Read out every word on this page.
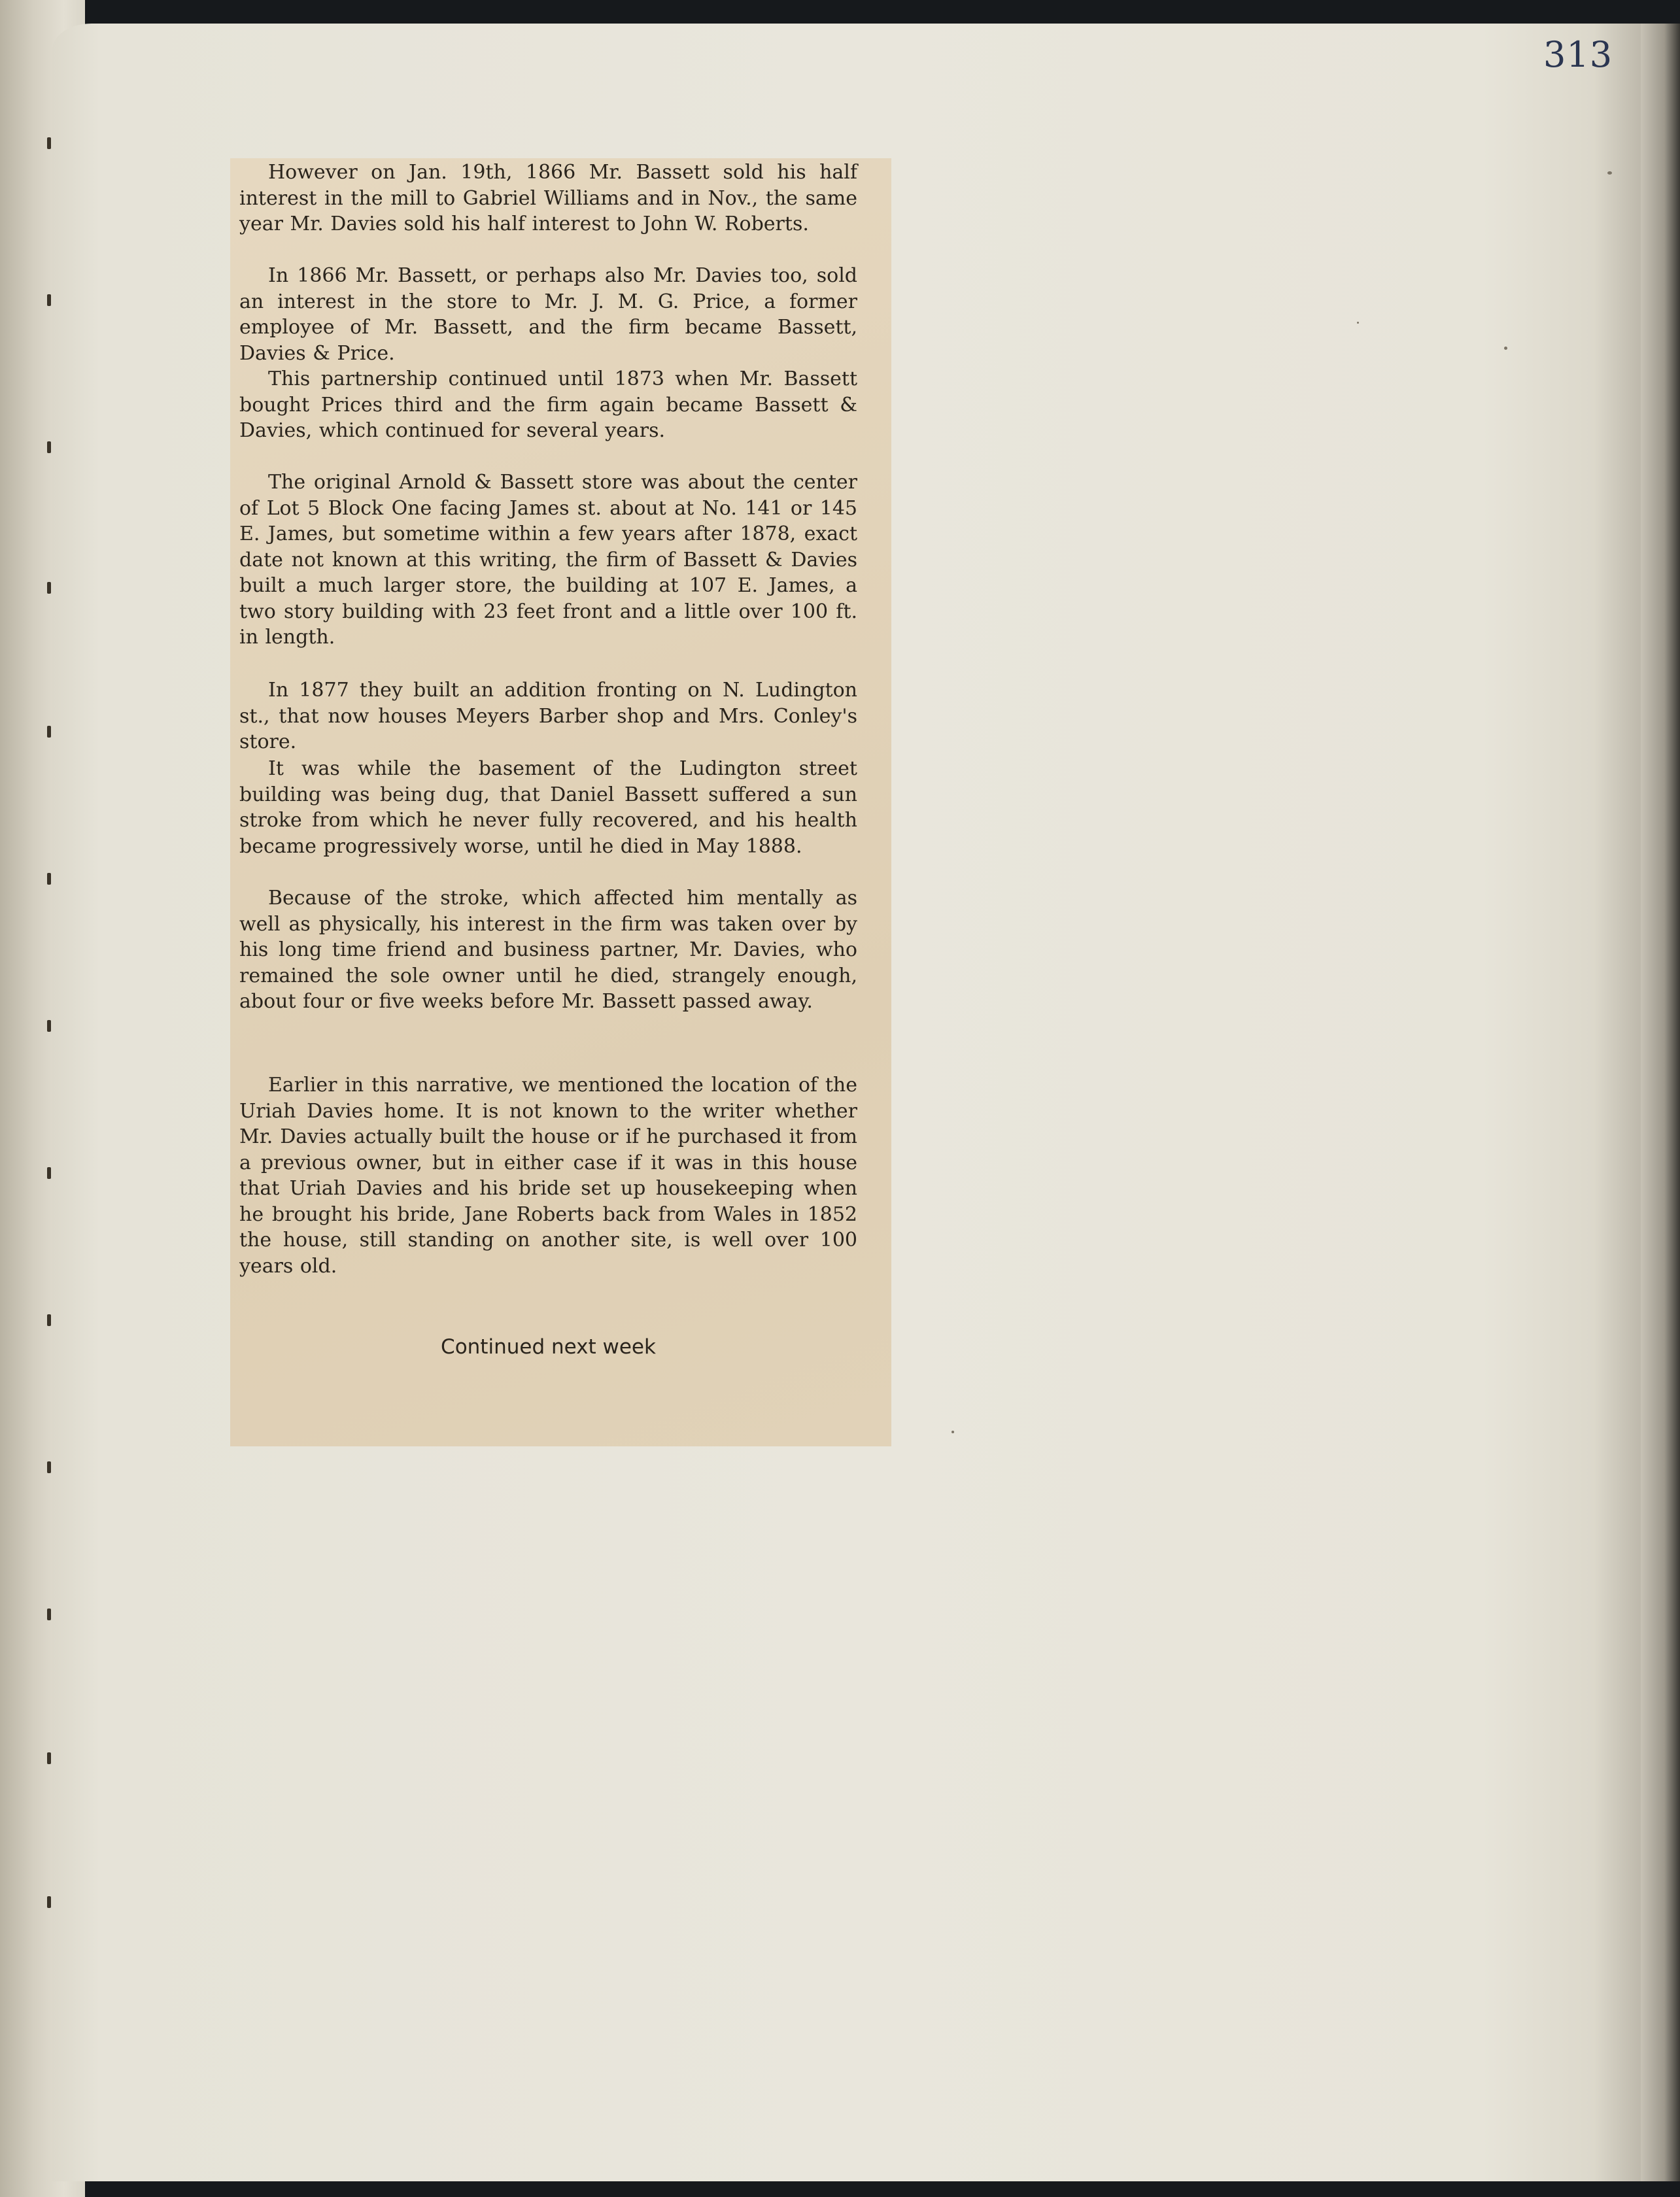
313

However on Jan. 19th, 1866 Mr. Bassett sold his half interest in the mill to Gabriel Williams and in Nov., the same year Mr. Davies sold his half interest to John W. Roberts.

In 1866 Mr. Bassett, or perhaps also Mr. Davies too, sold an interest in the store to Mr. J. M. G. Price, a former employee of Mr. Bassett, and the firm became Bassett, Davies & Price.

This partnership continued until 1873 when Mr. Bassett bought Prices third and the firm again became Bassett & Davies, which continued for several years.

The original Arnold & Bassett store was about the center of Lot 5 Block One facing James st. about at No. 141 or 145 E. James, but sometime within a few years after 1878, exact date not known at this writing, the firm of Bassett & Davies built a much larger store, the building at 107 E. James, a two story building with 23 feet front and a little over 100 ft. in length.

In 1877 they built an addition fronting on N. Ludington st., that now houses Meyers Barber shop and Mrs. Conley's store.

It was while the basement of the Ludington street building was being dug, that Daniel Bassett suffered a sun stroke from which he never fully recovered, and his health became progressively worse, until he died in May 1888.

Because of the stroke, which affected him mentally as well as physically, his interest in the firm was taken over by his long time friend and business partner, Mr. Davies, who remained the sole owner until he died, strangely enough, about four or five weeks before Mr. Bassett passed away.

Earlier in this narrative, we mentioned the location of the Uriah Davies home. It is not known to the writer whether Mr. Davies actually built the house or if he purchased it from a previous owner, but in either case if it was in this house that Uriah Davies and his bride set up housekeeping when he brought his bride, Jane Roberts back from Wales in 1852 the house, still standing on another site, is well over 100 years old.

Continued next week
